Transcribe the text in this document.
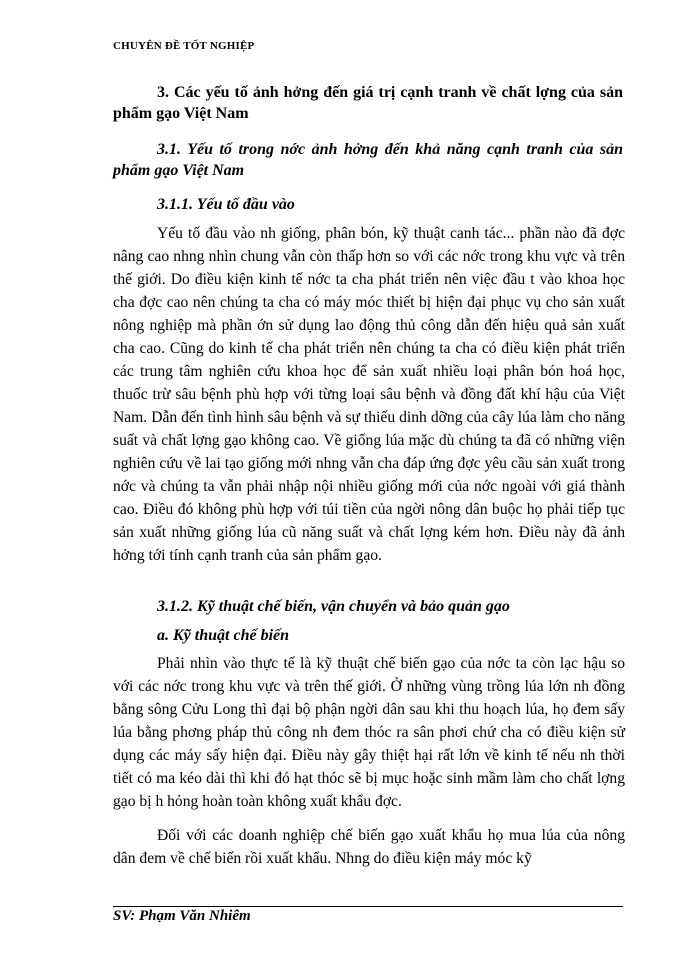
CHUYÊN ĐỀ TỐT NGHIỆP
3. Các yếu tố ảnh hởng đến giá trị cạnh tranh về chất lợng của sản phẩm gạo Việt Nam
3.1. Yếu tố trong nớc ảnh hởng đến khả năng cạnh tranh của sản phẩm gạo Việt Nam
3.1.1. Yếu tố đầu vào
Yếu tố đầu vào nh giống, phân bón, kỹ thuật canh tác... phần nào đã đợc nâng cao nhng nhìn chung vẫn còn thấp hơn so với các nớc trong khu vực và trên thế giới. Do điều kiện kinh tế nớc ta cha phát triển nên việc đầu t vào khoa học cha đợc cao nên chúng ta cha có máy móc thiết bị hiện đại phục vụ cho sản xuất nông nghiệp mà phần ớn sử dụng lao động thủ công dẫn đến hiệu quả sản xuất cha cao. Cũng do kinh tế cha phát triển nên chúng ta cha có điều kiện phát triển các trung tâm nghiên cứu khoa học để sản xuất nhiều loại phân bón hoá học, thuốc trừ sâu bệnh phù hợp với từng loại sâu bệnh và đồng đất khí hậu của Việt Nam. Dẫn đến tình hình sâu bệnh và sự thiếu dinh dỡng của cây lúa làm cho năng suất và chất lợng gạo không cao. Về giống lúa mặc dù chúng ta đã có những viện nghiên cứu về lai tạo giống mới nhng vẫn cha đáp ứng đợc yêu cầu sản xuất trong nớc và chúng ta vẫn phải nhập nội nhiều giống mới của nớc ngoài với giá thành cao. Điều đó không phù hợp với túi tiền của ngời nông dân buộc họ phải tiếp tục sản xuất những giống lúa cũ năng suất và chất lợng kém hơn. Điều này đã ảnh hởng tới tính cạnh tranh của sản phẩm gạo.
3.1.2. Kỹ thuật chế biến, vận chuyển và bảo quản gạo
a. Kỹ thuật chế biến
Phải nhìn vào thực tế là kỹ thuật chế biến gạo của nớc ta còn lạc hậu so với các nớc trong khu vực và trên thế giới. Ở những vùng trồng lúa lớn nh đồng bằng sông Cửu Long thì đại bộ phận ngời dân sau khi thu hoạch lúa, họ đem sấy lúa bằng phơng pháp thủ công nh đem thóc ra sân phơi chứ cha có điều kiện sử dụng các máy sấy hiện đại. Điều này gây thiệt hại rất lớn về kinh tế nếu nh thời tiết có ma kéo dài thì khi đó hạt thóc sẽ bị mục hoặc sinh mầm làm cho chất lợng gạo bị h hỏng hoàn toàn không xuất khẩu đợc.
Đối với các doanh nghiệp chế biến gạo xuất khẩu họ mua lúa của nông dân đem về chế biến rồi xuất khẩu. Nhng do điều kiện máy móc kỹ
SV: Phạm Văn Nhiêm
